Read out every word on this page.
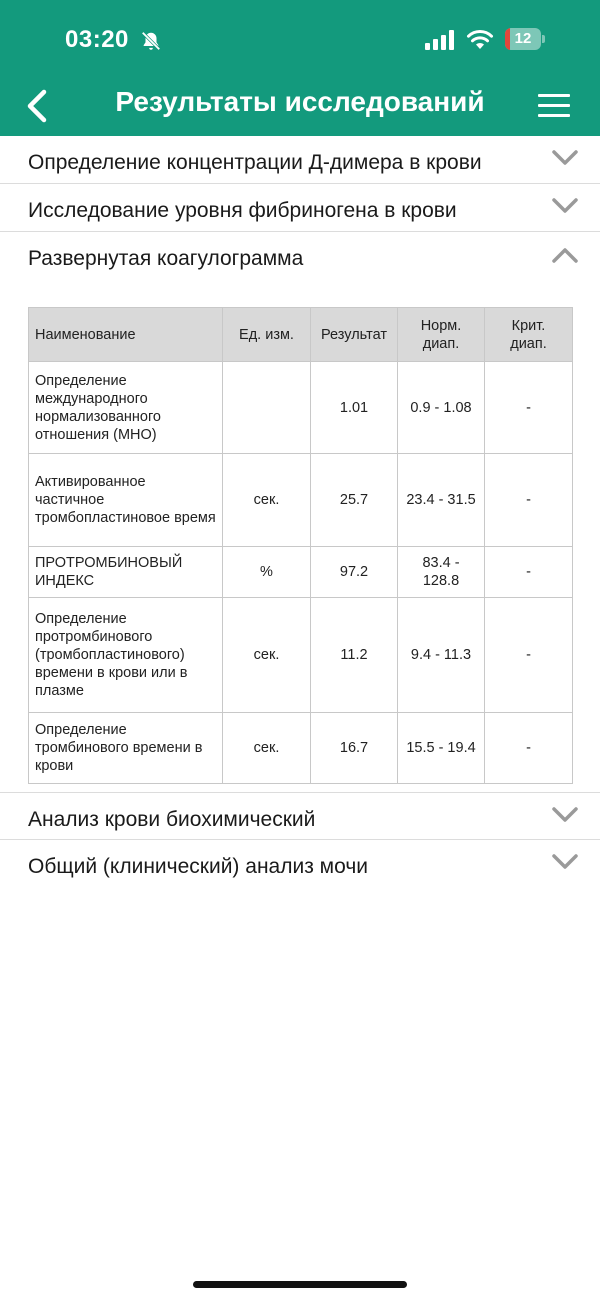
03:20	12
Результаты исследований
Определение концентрации Д-димера в крови
Исследование уровня фибриногена в крови
Развернутая коагулограмма
Наименование	Ед. изм.	Результат	Норм. диап.	Крит. диап.
Определение международного нормализованного отношения (МНО)		1.01	0.9 - 1.08	-
Активированное частичное тромбопластиновое время	сек.	25.7	23.4 - 31.5	-
ПРОТРОМБИНОВЫЙ ИНДЕКС	%	97.2	83.4 - 128.8	-
Определение протромбинового (тромбопластинового) времени в крови или в плазме	сек.	11.2	9.4 - 11.3	-
Определение тромбинового времени в крови	сек.	16.7	15.5 - 19.4	-
Анализ крови биохимический
Общий (клинический) анализ мочи
